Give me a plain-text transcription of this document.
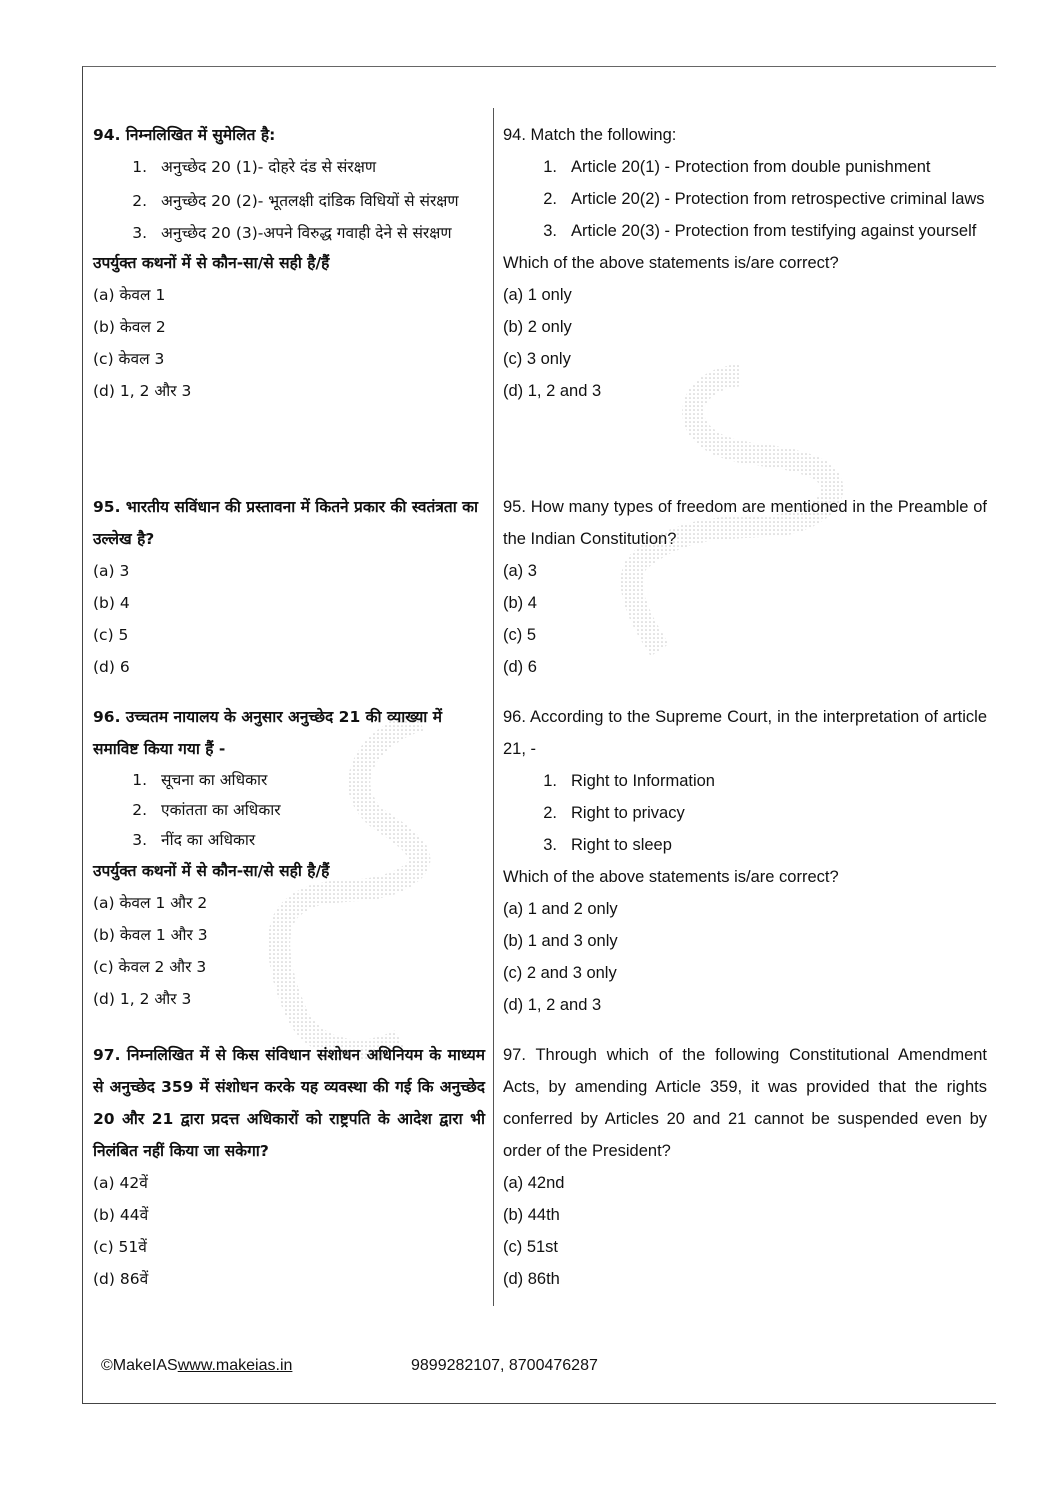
94. निम्नलिखित में सुमेलित है:
1. अनुच्छेद 20 (1)- दोहरे दंड से संरक्षण
2. अनुच्छेद 20 (2)- भूतलक्षी दांडिक विधियों से संरक्षण
3. अनुच्छेद 20 (3)-अपने विरुद्ध गवाही देने से संरक्षण
उपर्युक्त कथनों में से कौन-सा/से सही है/हैं
(a) केवल 1
(b) केवल 2
(c) केवल 3
(d) 1, 2 और 3
94. Match the following:
1. Article 20(1) - Protection from double punishment
2. Article 20(2) - Protection from retrospective criminal laws
3. Article 20(3) - Protection from testifying against yourself
Which of the above statements is/are correct?
(a) 1 only
(b) 2 only
(c) 3 only
(d) 1, 2 and 3
95. भारतीय सविंधान की प्रस्तावना में कितने प्रकार की स्वतंत्रता का उल्लेख है?
(a) 3
(b) 4
(c) 5
(d) 6
95. How many types of freedom are mentioned in the Preamble of the Indian Constitution?
(a) 3
(b) 4
(c) 5
(d) 6
96. उच्चतम नायालय के अनुसार अनुच्छेद 21 की व्याख्या में समाविष्ट किया गया हैं -
1. सूचना का अधिकार
2. एकांतता का अधिकार
3. नींद का अधिकार
उपर्युक्त कथनों में से कौन-सा/से सही है/हैं
(a) केवल 1 और 2
(b) केवल 1 और 3
(c) केवल 2 और 3
(d) 1, 2 और 3
96. According to the Supreme Court, in the interpretation of article 21, -
1. Right to Information
2. Right to privacy
3. Right to sleep
Which of the above statements is/are correct?
(a) 1 and 2 only
(b) 1 and 3 only
(c) 2 and 3 only
(d) 1, 2 and 3
97. निम्नलिखित में से किस संविधान संशोधन अधिनियम के माध्यम से अनुच्छेद 359 में संशोधन करके यह व्यवस्था की गई कि अनुच्छेद 20 और 21 द्वारा प्रदत्त अधिकारों को राष्ट्रपति के आदेश द्वारा भी निलंबित नहीं किया जा सकेगा?
(a) 42वें
(b) 44वें
(c) 51वें
(d) 86वें
97. Through which of the following Constitutional Amendment Acts, by amending Article 359, it was provided that the rights conferred by Articles 20 and 21 cannot be suspended even by order of the President?
(a) 42nd
(b) 44th
(c) 51st
(d) 86th
©MakeIASwww.makeias.in	9899282107, 8700476287
